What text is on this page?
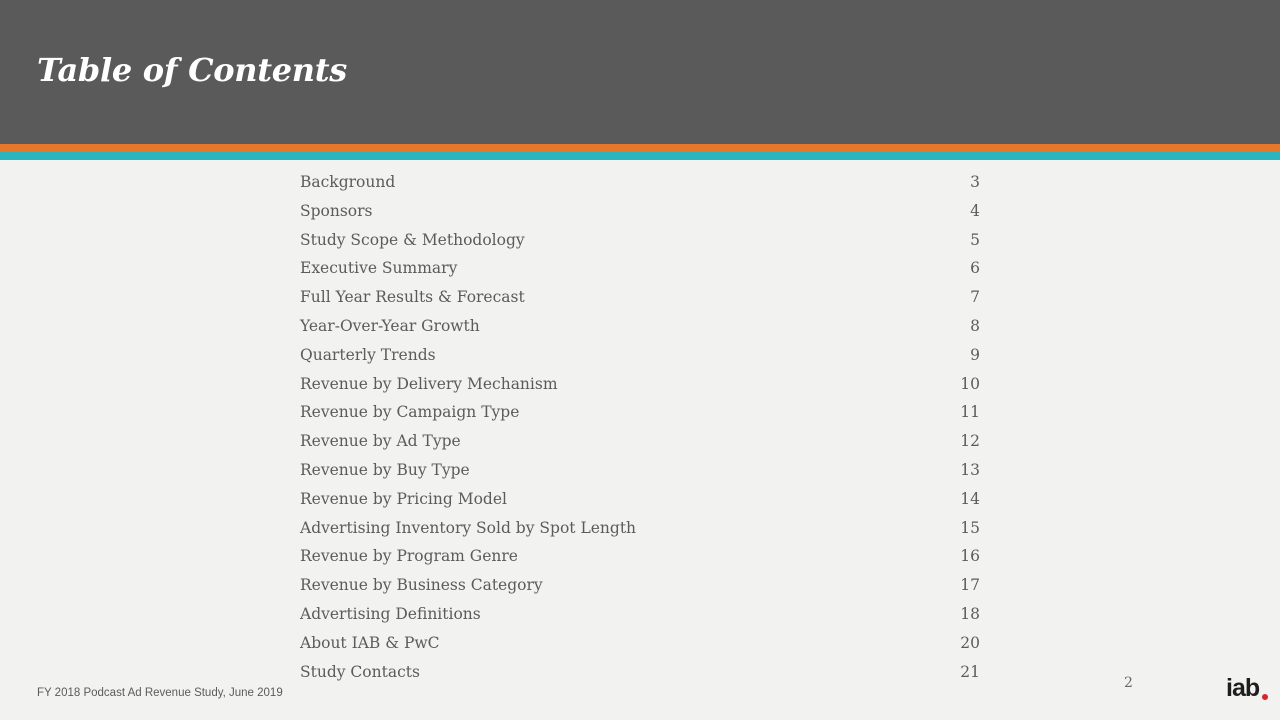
Table of Contents
Background	3
Sponsors	4
Study Scope & Methodology	5
Executive Summary	6
Full Year Results & Forecast	7
Year-Over-Year Growth	8
Quarterly Trends	9
Revenue by Delivery Mechanism	10
Revenue by Campaign Type	11
Revenue by Ad Type	12
Revenue by Buy Type	13
Revenue by Pricing Model	14
Advertising Inventory Sold by Spot Length	15
Revenue by Program Genre	16
Revenue by Business Category	17
Advertising Definitions	18
About IAB & PwC	20
Study Contacts	21
FY 2018 Podcast Ad Revenue Study, June 2019
2	iab
